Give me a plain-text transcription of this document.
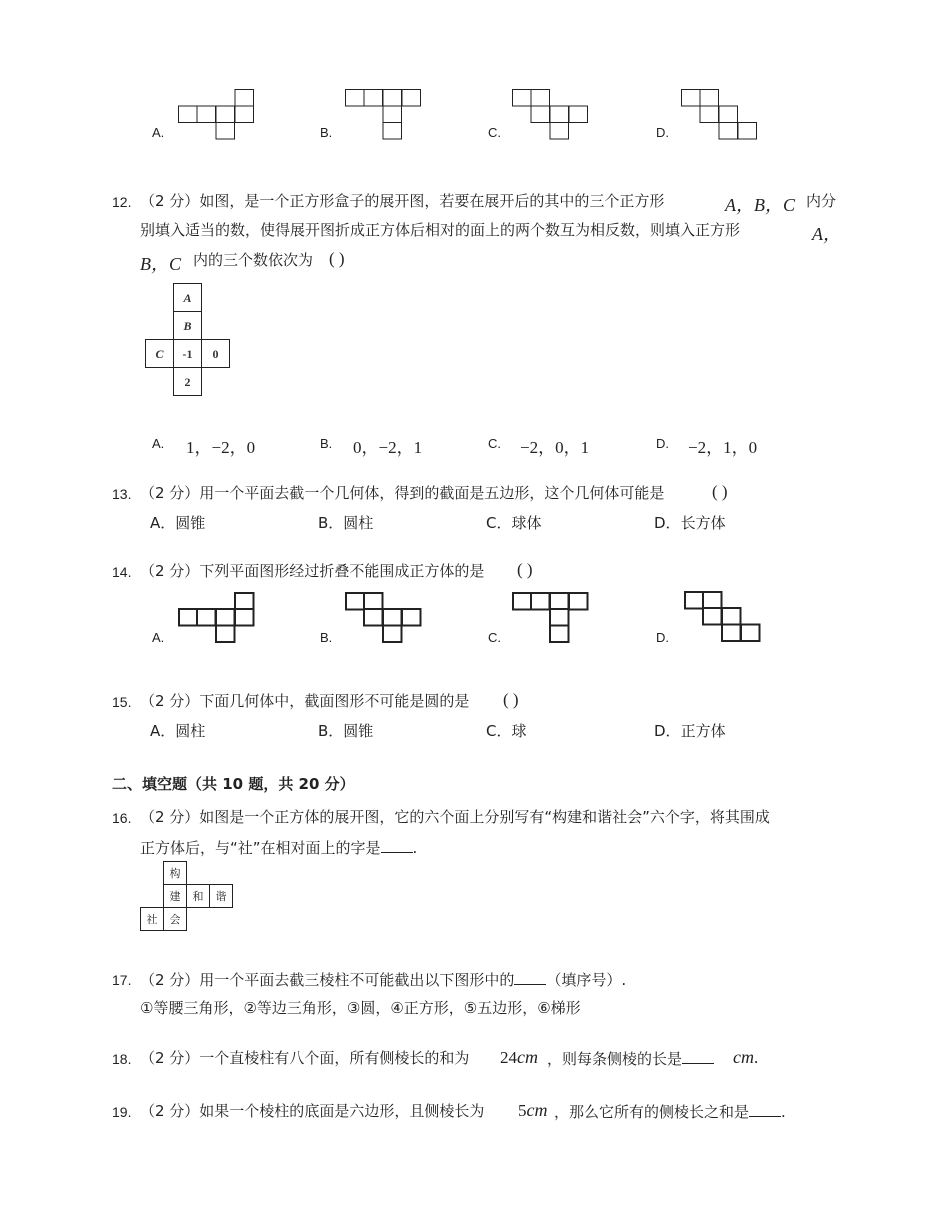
A.	B.	C.	D.
12. （2 分）如图，是一个正方形盒子的展开图，若要在展开后的其中的三个正方形	A，B，C 内分
别填入适当的数，使得展开图折成正方体后相对的面上的两个数互为相反数，则填入正方形	A，
B，C 内的三个数依次为 ( )
A
B
C -1 0
2
A. 1，−2，0	B. 0，−2，1	C. −2，0，1	D. −2，1，0
13. （2 分）用一个平面去截一个几何体，得到的截面是五边形，这个几何体可能是	( )
A．圆锥	B．圆柱	C．球体	D．长方体
14. （2 分）下列平面图形经过折叠不能围成正方体的是 ( )
A.	B.	C.	D.
15. （2 分）下面几何体中，截面图形不可能是圆的是 ( )
A．圆柱	B．圆锥	C．球	D．正方体
二、填空题（共 10 题，共 20 分）
16. （2 分）如图是一个正方体的展开图，它的六个面上分别写有“构建和谐社会”六个字，将其围成
正方体后，与“社”在相对面上的字是 .
构
建 和 谐
社 会
17. （2 分）用一个平面去截三棱柱不可能截出以下图形中的 （填序号）.
①等腰三角形，②等边三角形，③圆，④正方形，⑤五边形，⑥梯形
18. （2 分）一个直棱柱有八个面，所有侧棱长的和为 24cm ，则每条侧棱的长是	cm.
19. （2 分）如果一个棱柱的底面是六边形，且侧棱长为 5cm ，那么它所有的侧棱长之和是 .
